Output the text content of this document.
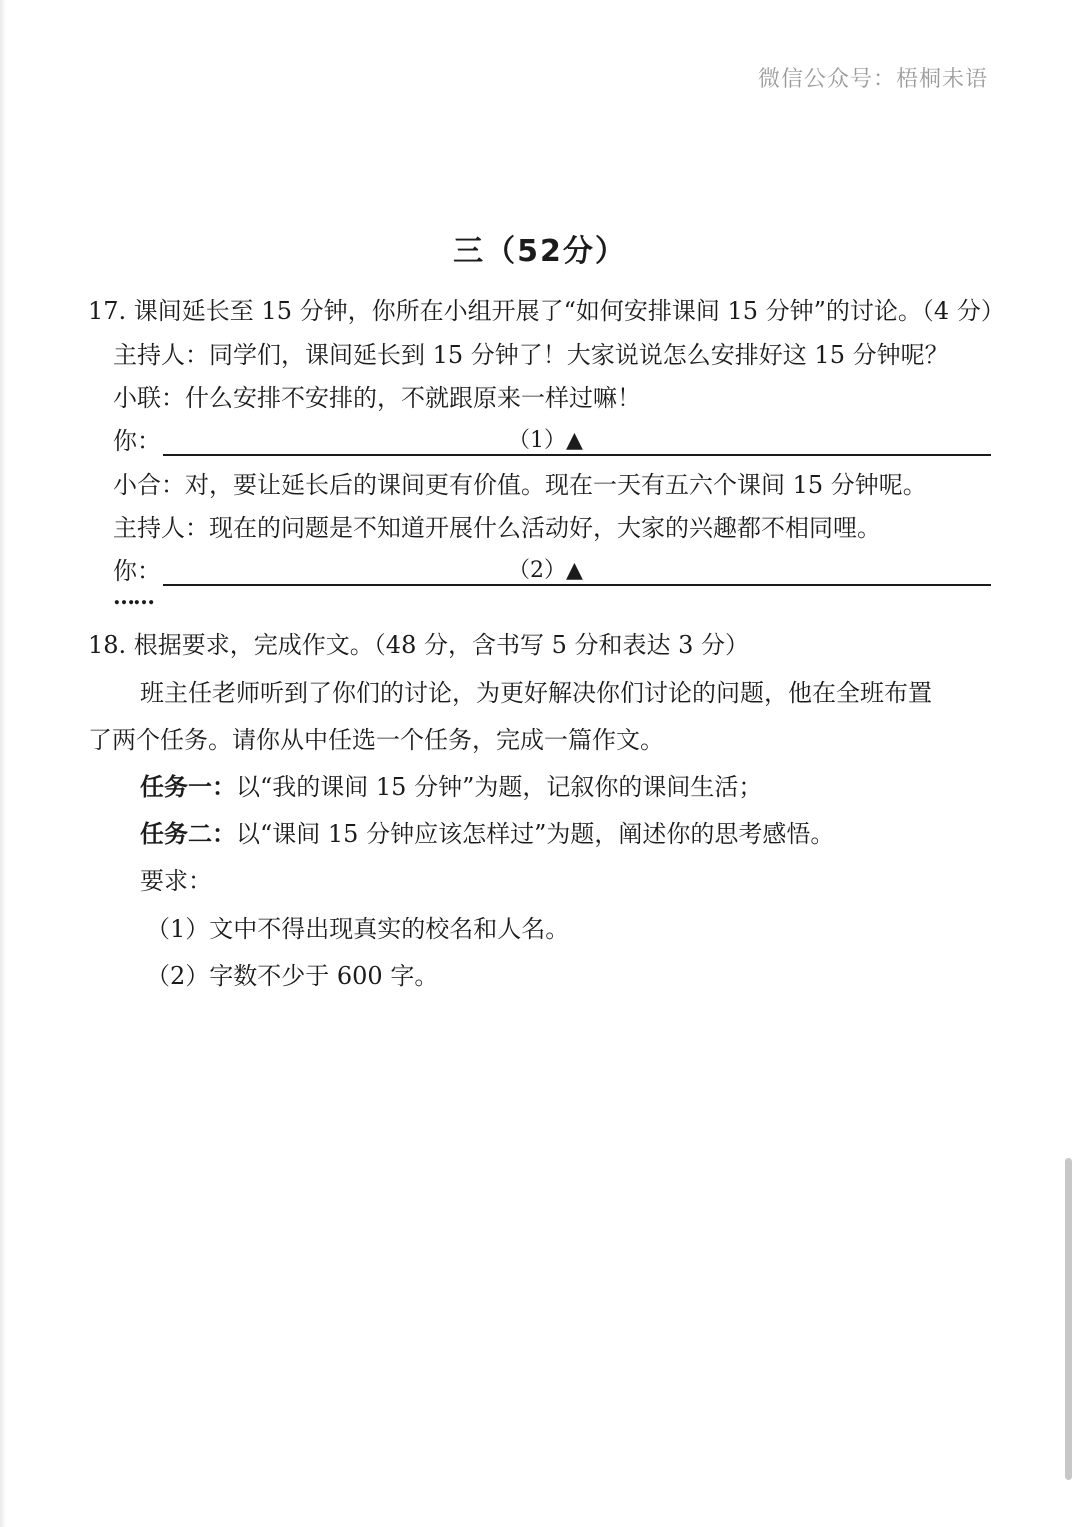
微信公众号：梧桐未语
三（52分）
17. 课间延长至 15 分钟，你所在小组开展了“如何安排课间 15 分钟”的讨论。（4 分）
主持人：同学们，课间延长到 15 分钟了！大家说说怎么安排好这 15 分钟呢？
小联：什么安排不安排的，不就跟原来一样过嘛！
你：	（1）▲
小合：对，要让延长后的课间更有价值。现在一天有五六个课间 15 分钟呢。
主持人：现在的问题是不知道开展什么活动好，大家的兴趣都不相同哩。
你：	（2）▲
……
18. 根据要求，完成作文。（48 分，含书写 5 分和表达 3 分）
班主任老师听到了你们的讨论，为更好解决你们讨论的问题，他在全班布置
了两个任务。请你从中任选一个任务，完成一篇作文。
任务一：以“我的课间 15 分钟”为题，记叙你的课间生活；
任务二：以“课间 15 分钟应该怎样过”为题，阐述你的思考感悟。
要求：
（1）文中不得出现真实的校名和人名。
（2）字数不少于 600 字。
